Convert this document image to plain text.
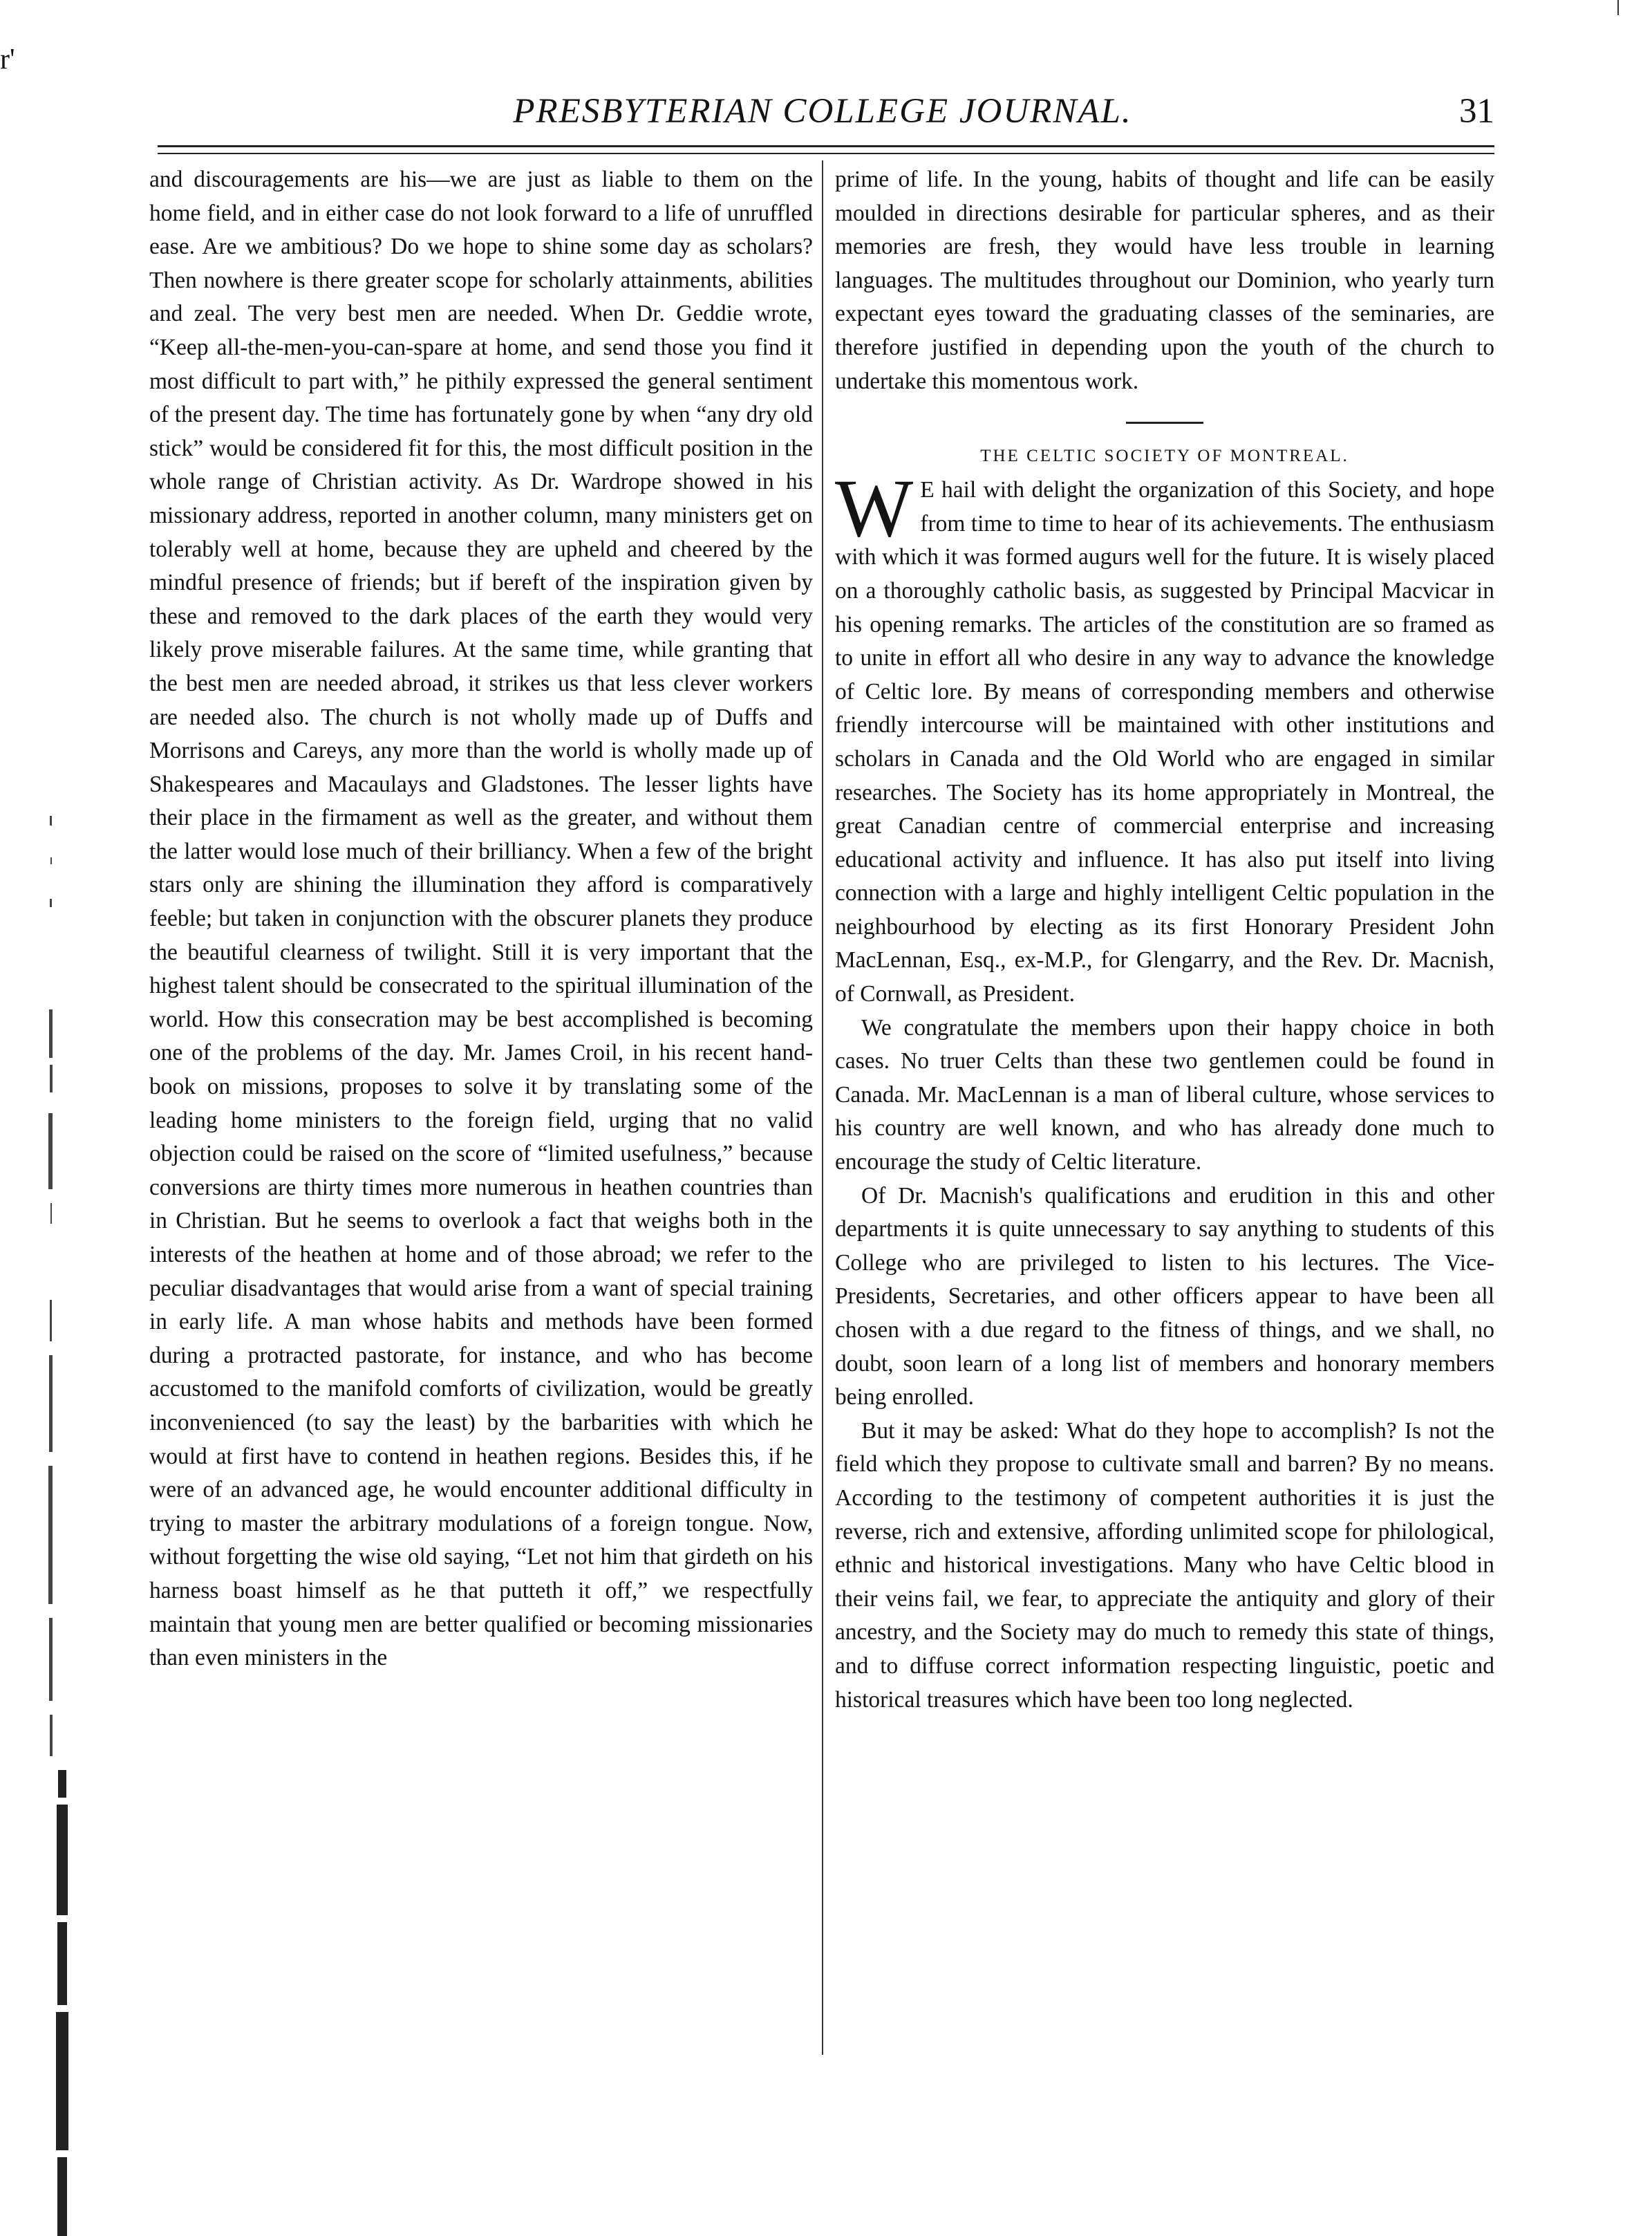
r'
PRESBYTERIAN COLLEGE JOURNAL.	31

and discouragements are his—we are just as liable to them on the home field, and in either case do not look forward to a life of unruffled ease. Are we ambitious? Do we hope to shine some day as scholars? Then nowhere is there greater scope for scholarly attainments, abilities and zeal. The very best men are needed. When Dr. Geddie wrote, “Keep all-the-men-you-can-spare at home, and send those you find it most difficult to part with,” he pithily expressed the general sentiment of the present day. The time has fortunately gone by when “any dry old stick” would be considered fit for this, the most difficult position in the whole range of Christian activity. As Dr. Wardrope showed in his missionary address, reported in another column, many ministers get on tolerably well at home, because they are upheld and cheered by the mindful presence of friends; but if bereft of the inspiration given by these and removed to the dark places of the earth they would very likely prove miserable failures. At the same time, while granting that the best men are needed abroad, it strikes us that less clever workers are needed also. The church is not wholly made up of Duffs and Morrisons and Careys, any more than the world is wholly made up of Shakespeares and Macaulays and Gladstones. The lesser lights have their place in the firmament as well as the greater, and without them the latter would lose much of their brilliancy. When a few of the bright stars only are shining the illumination they afford is comparatively feeble; but taken in conjunction with the obscurer planets they produce the beautiful clearness of twilight. Still it is very important that the highest talent should be consecrated to the spiritual illumination of the world. How this consecration may be best accomplished is becoming one of the problems of the day. Mr. James Croil, in his recent hand-book on missions, proposes to solve it by translating some of the leading home ministers to the foreign field, urging that no valid objection could be raised on the score of “limited usefulness,” because conversions are thirty times more numerous in heathen countries than in Christian. But he seems to overlook a fact that weighs both in the interests of the heathen at home and of those abroad; we refer to the peculiar disadvantages that would arise from a want of special training in early life. A man whose habits and methods have been formed during a protracted pastorate, for instance, and who has become accustomed to the manifold comforts of civilization, would be greatly inconvenienced (to say the least) by the barbarities with which he would at first have to contend in heathen regions. Besides this, if he were of an advanced age, he would encounter additional difficulty in trying to master the arbitrary modulations of a foreign tongue. Now, without forgetting the wise old saying, “Let not him that girdeth on his harness boast himself as he that putteth it off,” we respectfully maintain that young men are better qualified or becoming missionaries than even ministers in the

prime of life. In the young, habits of thought and life can be easily moulded in directions desirable for particular spheres, and as their memories are fresh, they would have less trouble in learning languages. The multitudes throughout our Dominion, who yearly turn expectant eyes toward the graduating classes of the seminaries, are therefore justified in depending upon the youth of the church to undertake this momentous work.

THE CELTIC SOCIETY OF MONTREAL.

W E hail with delight the organization of this Society, and hope from time to time to hear of its achievements. The enthusiasm with which it was formed augurs well for the future. It is wisely placed on a thoroughly catholic basis, as suggested by Principal Macvicar in his opening remarks. The articles of the constitution are so framed as to unite in effort all who desire in any way to advance the knowledge of Celtic lore. By means of corresponding members and otherwise friendly intercourse will be maintained with other institutions and scholars in Canada and the Old World who are engaged in similar researches. The Society has its home appropriately in Montreal, the great Canadian centre of commercial enterprise and increasing educational activity and influence. It has also put itself into living connection with a large and highly intelligent Celtic population in the neighbourhood by electing as its first Honorary President John MacLennan, Esq., ex-M.P., for Glengarry, and the Rev. Dr. Macnish, of Cornwall, as President.

We congratulate the members upon their happy choice in both cases. No truer Celts than these two gentlemen could be found in Canada. Mr. MacLennan is a man of liberal culture, whose services to his country are well known, and who has already done much to encourage the study of Celtic literature.

Of Dr. Macnish's qualifications and erudition in this and other departments it is quite unnecessary to say anything to students of this College who are privileged to listen to his lectures. The Vice-Presidents, Secretaries, and other officers appear to have been all chosen with a due regard to the fitness of things, and we shall, no doubt, soon learn of a long list of members and honorary members being enrolled.

But it may be asked: What do they hope to accomplish? Is not the field which they propose to cultivate small and barren? By no means. According to the testimony of competent authorities it is just the reverse, rich and extensive, affording unlimited scope for philological, ethnic and historical investigations. Many who have Celtic blood in their veins fail, we fear, to appreciate the antiquity and glory of their ancestry, and the Society may do much to remedy this state of things, and to diffuse correct information respecting linguistic, poetic and historical treasures which have been too long neglected.
